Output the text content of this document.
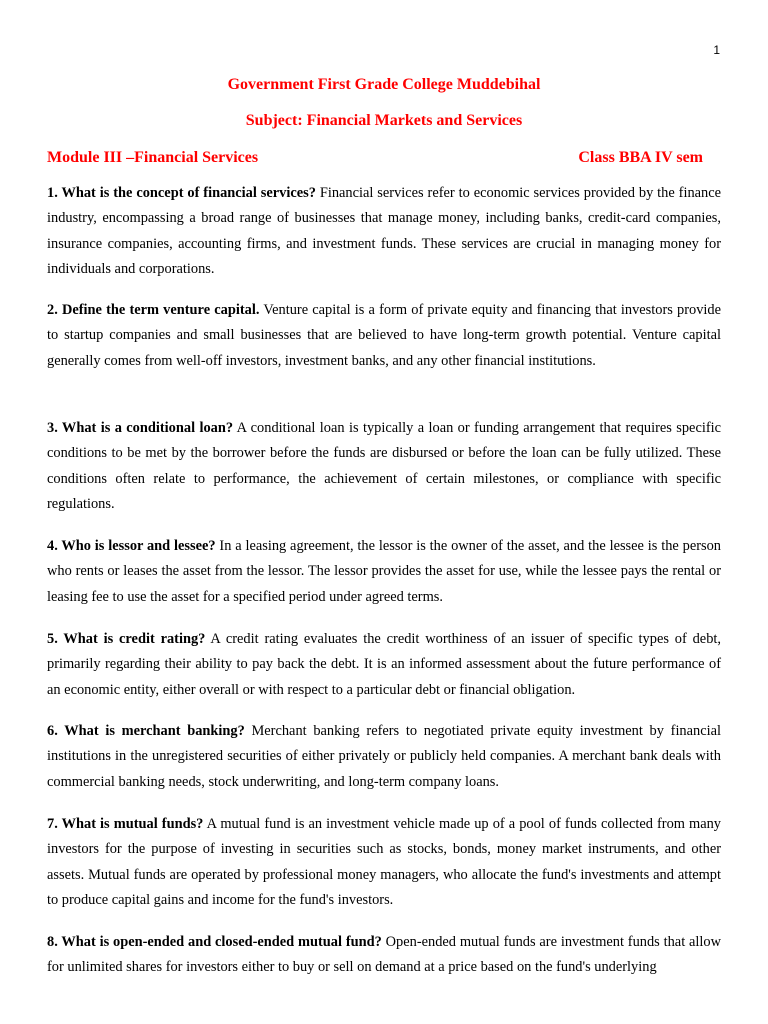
1
Government First Grade College Muddebihal
Subject: Financial Markets and Services
Module III –Financial Services	Class BBA IV sem

1. What is the concept of financial services? Financial services refer to economic services provided by the finance industry, encompassing a broad range of businesses that manage money, including banks, credit-card companies, insurance companies, accounting firms, and investment funds. These services are crucial in managing money for individuals and corporations.

2. Define the term venture capital. Venture capital is a form of private equity and financing that investors provide to startup companies and small businesses that are believed to have long-term growth potential. Venture capital generally comes from well-off investors, investment banks, and any other financial institutions.

3. What is a conditional loan? A conditional loan is typically a loan or funding arrangement that requires specific conditions to be met by the borrower before the funds are disbursed or before the loan can be fully utilized. These conditions often relate to performance, the achievement of certain milestones, or compliance with specific regulations.

4. Who is lessor and lessee? In a leasing agreement, the lessor is the owner of the asset, and the lessee is the person who rents or leases the asset from the lessor. The lessor provides the asset for use, while the lessee pays the rental or leasing fee to use the asset for a specified period under agreed terms.

5. What is credit rating? A credit rating evaluates the credit worthiness of an issuer of specific types of debt, primarily regarding their ability to pay back the debt. It is an informed assessment about the future performance of an economic entity, either overall or with respect to a particular debt or financial obligation.

6. What is merchant banking? Merchant banking refers to negotiated private equity investment by financial institutions in the unregistered securities of either privately or publicly held companies. A merchant bank deals with commercial banking needs, stock underwriting, and long-term company loans.

7. What is mutual funds? A mutual fund is an investment vehicle made up of a pool of funds collected from many investors for the purpose of investing in securities such as stocks, bonds, money market instruments, and other assets. Mutual funds are operated by professional money managers, who allocate the fund's investments and attempt to produce capital gains and income for the fund's investors.

8. What is open-ended and closed-ended mutual fund? Open-ended mutual funds are investment funds that allow for unlimited shares for investors either to buy or sell on demand at a price based on the fund's underlying
